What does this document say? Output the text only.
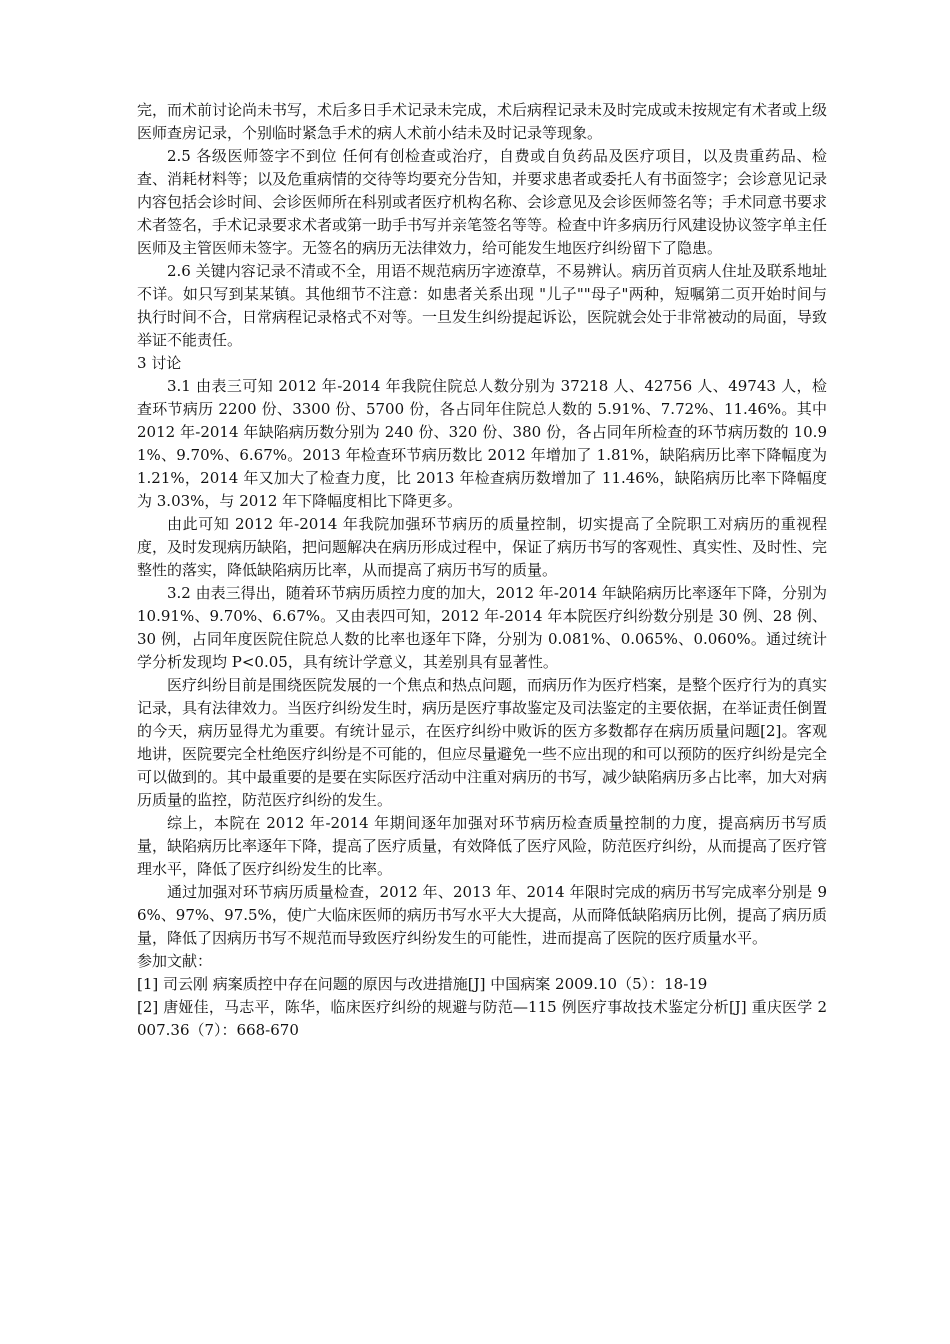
完，而术前讨论尚未书写，术后多日手术记录未完成，术后病程记录未及时完成或未按规定有术者或上级医师查房记录，个别临时紧急手术的病人术前小结未及时记录等现象。

2.5 各级医师签字不到位 任何有创检查或治疗，自费或自负药品及医疗项目，以及贵重药品、检查、消耗材料等；以及危重病情的交待等均要充分告知，并要求患者或委托人有书面签字；会诊意见记录内容包括会诊时间、会诊医师所在科别或者医疗机构名称、会诊意见及会诊医师签名等；手术同意书要求术者签名，手术记录要求术者或第一助手书写并亲笔签名等等。检查中许多病历行风建设协议签字单主任医师及主管医师未签字。无签名的病历无法律效力，给可能发生地医疗纠纷留下了隐患。

2.6 关键内容记录不清或不全，用语不规范病历字迹潦草，不易辨认。病历首页病人住址及联系地址不详。如只写到某某镇。其他细节不注意：如患者关系出现 "儿子""母子"两种，短嘱第二页开始时间与执行时间不合，日常病程记录格式不对等。一旦发生纠纷提起诉讼，医院就会处于非常被动的局面，导致举证不能责任。

3 讨论

3.1 由表三可知 2012 年-2014 年我院住院总人数分别为 37218 人、42756 人、49743 人，检查环节病历 2200 份、3300 份、5700 份，各占同年住院总人数的 5.91%、7.72%、11.46%。其中 2012 年-2014 年缺陷病历数分别为 240 份、320 份、380 份，各占同年所检查的环节病历数的 10.91%、9.70%、6.67%。2013 年检查环节病历数比 2012 年增加了 1.81%，缺陷病历比率下降幅度为 1.21%，2014 年又加大了检查力度，比 2013 年检查病历数增加了 11.46%，缺陷病历比率下降幅度为 3.03%，与 2012 年下降幅度相比下降更多。

由此可知 2012 年-2014 年我院加强环节病历的质量控制，切实提高了全院职工对病历的重视程度，及时发现病历缺陷，把问题解决在病历形成过程中，保证了病历书写的客观性、真实性、及时性、完整性的落实，降低缺陷病历比率，从而提高了病历书写的质量。

3.2 由表三得出，随着环节病历质控力度的加大，2012 年-2014 年缺陷病历比率逐年下降，分别为 10.91%、9.70%、6.67%。又由表四可知，2012 年-2014 年本院医疗纠纷数分别是 30 例、28 例、30 例，占同年度医院住院总人数的比率也逐年下降，分别为 0.081%、0.065%、0.060%。通过统计学分析发现均 P<0.05，具有统计学意义，其差别具有显著性。

医疗纠纷目前是围绕医院发展的一个焦点和热点问题，而病历作为医疗档案，是整个医疗行为的真实记录，具有法律效力。当医疗纠纷发生时，病历是医疗事故鉴定及司法鉴定的主要依据，在举证责任倒置的今天，病历显得尤为重要。有统计显示，在医疗纠纷中败诉的医方多数都存在病历质量问题[2]。客观地讲，医院要完全杜绝医疗纠纷是不可能的，但应尽量避免一些不应出现的和可以预防的医疗纠纷是完全可以做到的。其中最重要的是要在实际医疗活动中注重对病历的书写，减少缺陷病历多占比率，加大对病历质量的监控，防范医疗纠纷的发生。

综上，本院在 2012 年-2014 年期间逐年加强对环节病历检查质量控制的力度，提高病历书写质量，缺陷病历比率逐年下降，提高了医疗质量，有效降低了医疗风险，防范医疗纠纷，从而提高了医疗管理水平，降低了医疗纠纷发生的比率。

通过加强对环节病历质量检查，2012 年、2013 年、2014 年限时完成的病历书写完成率分别是 96%、97%、97.5%，使广大临床医师的病历书写水平大大提高，从而降低缺陷病历比例，提高了病历质量，降低了因病历书写不规范而导致医疗纠纷发生的可能性，进而提高了医院的医疗质量水平。

参加文献：

[1] 司云刚 病案质控中存在问题的原因与改进措施[J] 中国病案 2009.10（5）：18-19

[2] 唐娅佳，马志平，陈华，临床医疗纠纷的规避与防范—115 例医疗事故技术鉴定分析[J] 重庆医学 2007.36（7）：668-670
